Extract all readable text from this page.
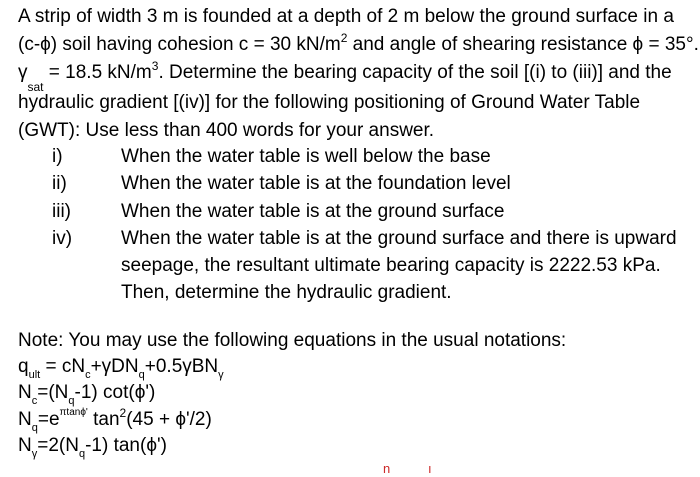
A strip of width 3 m is founded at a depth of 2 m below the ground surface in a
(c-ϕ) soil having cohesion c = 30 $kN/m^2$ and angle of shearing resistance ϕ = 35°.
$\gamma_{sat} = 18.5$ $kN/m^3$. Determine the bearing capacity of the soil [(i) to (iii)] and the
hydraulic gradient [(iv)] for the following positioning of Ground Water Table
(GWT): Use less than 400 words for your answer.
i)	When the water table is well below the base
ii)	When the water table is at the foundation level
iii)	When the water table is at the ground surface
iv)	When the water table is at the ground surface and there is upward
seepage, the resultant ultimate bearing capacity is 2222.53 kPa.
Then, determine the hydraulic gradient.
Note: You may use the following equations in the usual notations:
$q_{ult} = cN_c+\gamma DN_q+0.5\gamma BN_\gamma$
$N_c=(N_q-1)$ cot(ϕ')
$N_q=e^{\pi tan\phi'}$ $\tan^2(45 + \phi'/2)$
$N_\gamma=2(N_q-1)$ tan(ϕ')
n	ı
